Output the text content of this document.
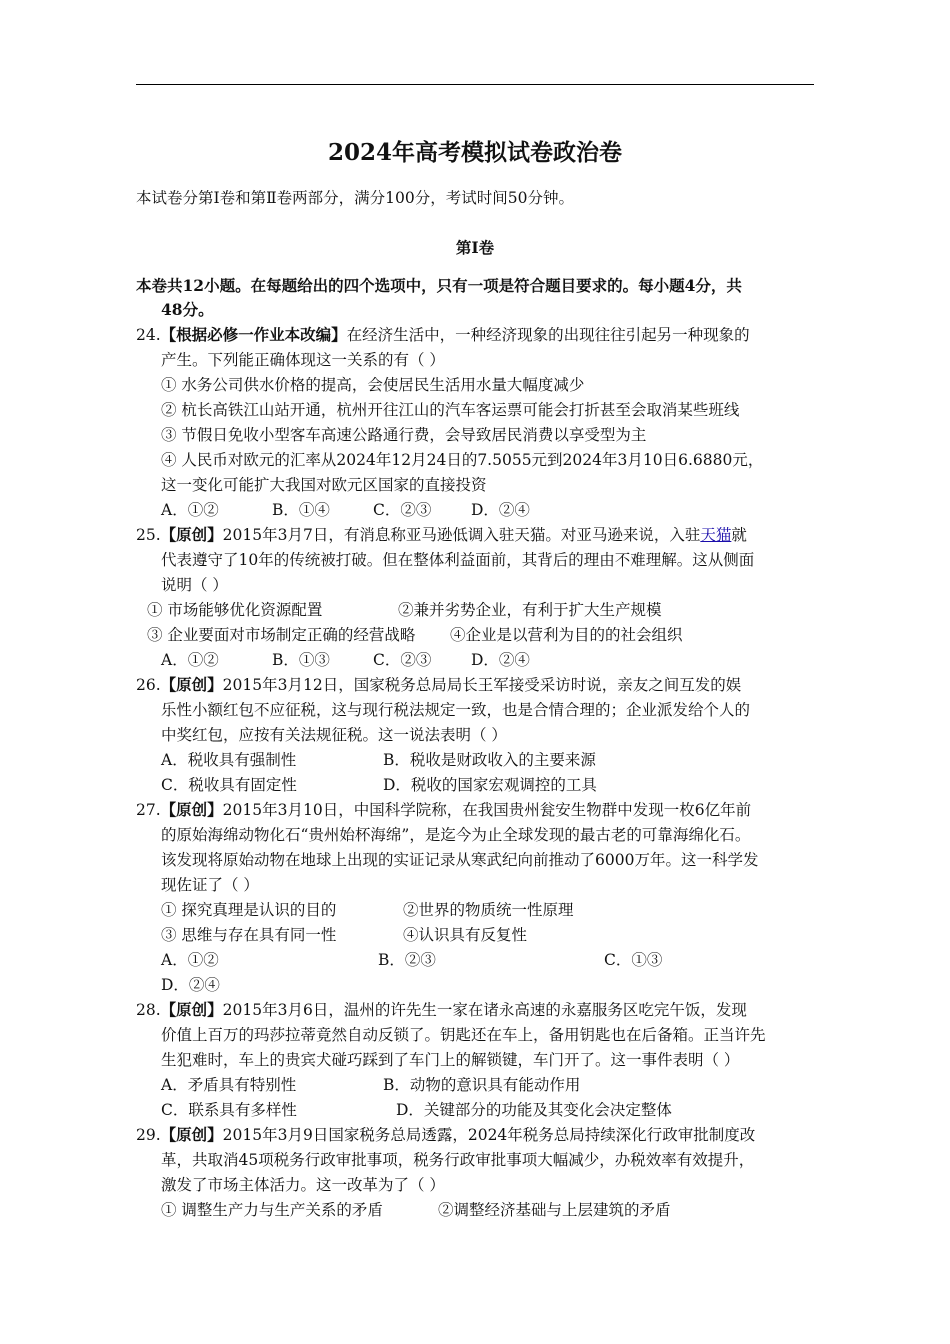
2024年高考模拟试卷政治卷
本试卷分第Ⅰ卷和第Ⅱ卷两部分，满分100分，考试时间50分钟。
第I卷
本卷共12小题。在每题给出的四个选项中，只有一项是符合题目要求的。每小题4分，共
48分。
24.【根据必修一作业本改编】在经济生活中，一种经济现象的出现往往引起另一种现象的
产生。下列能正确体现这一关系的有（ ）
① 水务公司供水价格的提高，会使居民生活用水量大幅度减少
② 杭长高铁江山站开通，杭州开往江山的汽车客运票可能会打折甚至会取消某些班线
③ 节假日免收小型客车高速公路通行费，会导致居民消费以享受型为主
④ 人民币对欧元的汇率从2024年12月24日的7.5055元到2024年3月10日6.6880元，
这一变化可能扩大我国对欧元区国家的直接投资
A．①②	B．①④	C．②③	D．②④
25.【原创】2015年3月7日，有消息称亚马逊低调入驻天猫。对亚马逊来说，入驻天猫就
代表遵守了10年的传统被打破。但在整体利益面前，其背后的理由不难理解。这从侧面
说明（ ）
① 市场能够优化资源配置	②兼并劣势企业，有利于扩大生产规模
③ 企业要面对市场制定正确的经营战略 ④企业是以营利为目的的社会组织
A．①②	B．①③	C．②③	D．②④
26.【原创】2015年3月12日，国家税务总局局长王军接受采访时说，亲友之间互发的娱
乐性小额红包不应征税，这与现行税法规定一致，也是合情合理的；企业派发给个人的
中奖红包，应按有关法规征税。这一说法表明（ ）
A．税收具有强制性	B．税收是财政收入的主要来源
C．税收具有固定性	D．税收的国家宏观调控的工具
27.【原创】2015年3月10日，中国科学院称，在我国贵州瓮安生物群中发现一枚6亿年前
的原始海绵动物化石“贵州始杯海绵”，是迄今为止全球发现的最古老的可靠海绵化石。
该发现将原始动物在地球上出现的实证记录从寒武纪向前推动了6000万年。这一科学发
现佐证了（ ）
① 探究真理是认识的目的	②世界的物质统一性原理
③ 思维与存在具有同一性	④认识具有反复性
A．①②	B．②③	C．①③
D．②④
28.【原创】2015年3月6日，温州的许先生一家在诸永高速的永嘉服务区吃完午饭，发现
价值上百万的玛莎拉蒂竟然自动反锁了。钥匙还在车上，备用钥匙也在后备箱。正当许先
生犯难时，车上的贵宾犬碰巧踩到了车门上的解锁键，车门开了。这一事件表明（ ）
A．矛盾具有特别性	B．动物的意识具有能动作用
C．联系具有多样性	D．关键部分的功能及其变化会决定整体
29.【原创】2015年3月9日国家税务总局透露，2024年税务总局持续深化行政审批制度改
革，共取消45项税务行政审批事项，税务行政审批事项大幅减少，办税效率有效提升，
激发了市场主体活力。这一改革为了（ ）
① 调整生产力与生产关系的矛盾	②调整经济基础与上层建筑的矛盾
